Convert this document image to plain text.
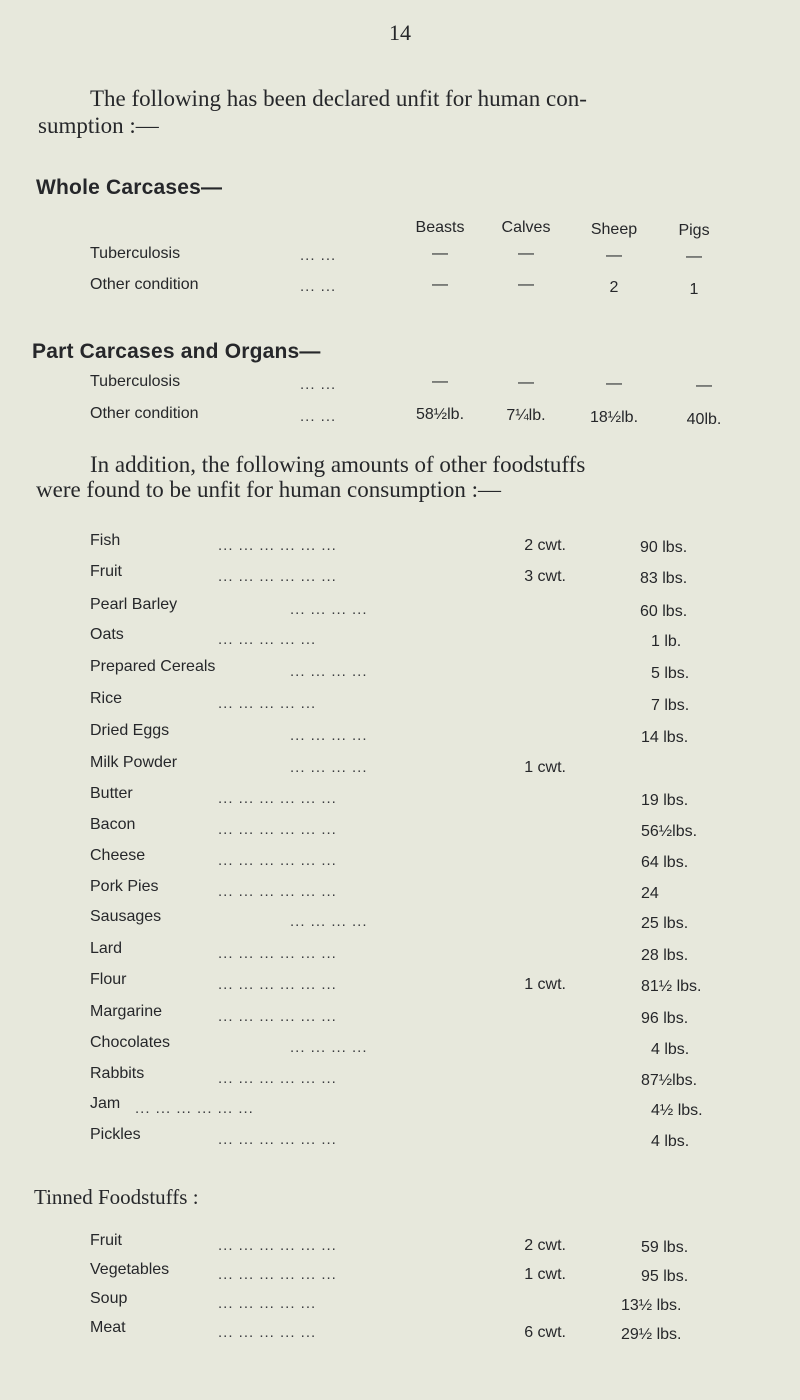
14
The following has been declared unfit for human con-
sumption :—
Whole Carcases—
Beasts	Calves	Sheep	Pigs
Tuberculosis	... ...	—	—	—	—
Other condition	... ...	—	—	2	1
Part Carcases and Organs—
Tuberculosis	... ...	—	—	—	—
Other condition	... ...	58½lb.	7¼lb.	18½lb.	40lb.
In addition, the following amounts of other foodstuffs
were found to be unfit for human consumption :—
Fish	... ... ... ... ... ...	2 cwt.	90 lbs.
Fruit	... ... ... ... ... ...	3 cwt.	83 lbs.
Pearl Barley	... ... ... ...	60 lbs.
Oats	... ... ... ... ...	1 lb.
Prepared Cereals	... ... ... ...	5 lbs.
Rice	... ... ... ... ...	7 lbs.
Dried Eggs	... ... ... ...	14 lbs.
Milk Powder	... ... ... ...	1 cwt.
Butter	... ... ... ... ... ...	19 lbs.
Bacon	... ... ... ... ... ...	56½lbs.
Cheese	... ... ... ... ... ...	64 lbs.
Pork Pies	... ... ... ... ... ...	24
Sausages	... ... ... ...	25 lbs.
Lard	... ... ... ... ... ...	28 lbs.
Flour	... ... ... ... ... ...	1 cwt.	81½ lbs.
Margarine	... ... ... ... ... ...	96 lbs.
Chocolates	... ... ... ...	4 lbs.
Rabbits	... ... ... ... ... ...	87½lbs.
Jam ... ... ... ... ... ...	4½ lbs.
Pickles	... ... ... ... ... ...	4 lbs.
Tinned Foodstuffs :
Fruit	... ... ... ... ... ...	2 cwt.	59 lbs.
Vegetables	... ... ... ... ... ...	1 cwt.	95 lbs.
Soup	... ... ... ... ...	13½ lbs.
Meat	... ... ... ... ...	6 cwt.	29½ lbs.
